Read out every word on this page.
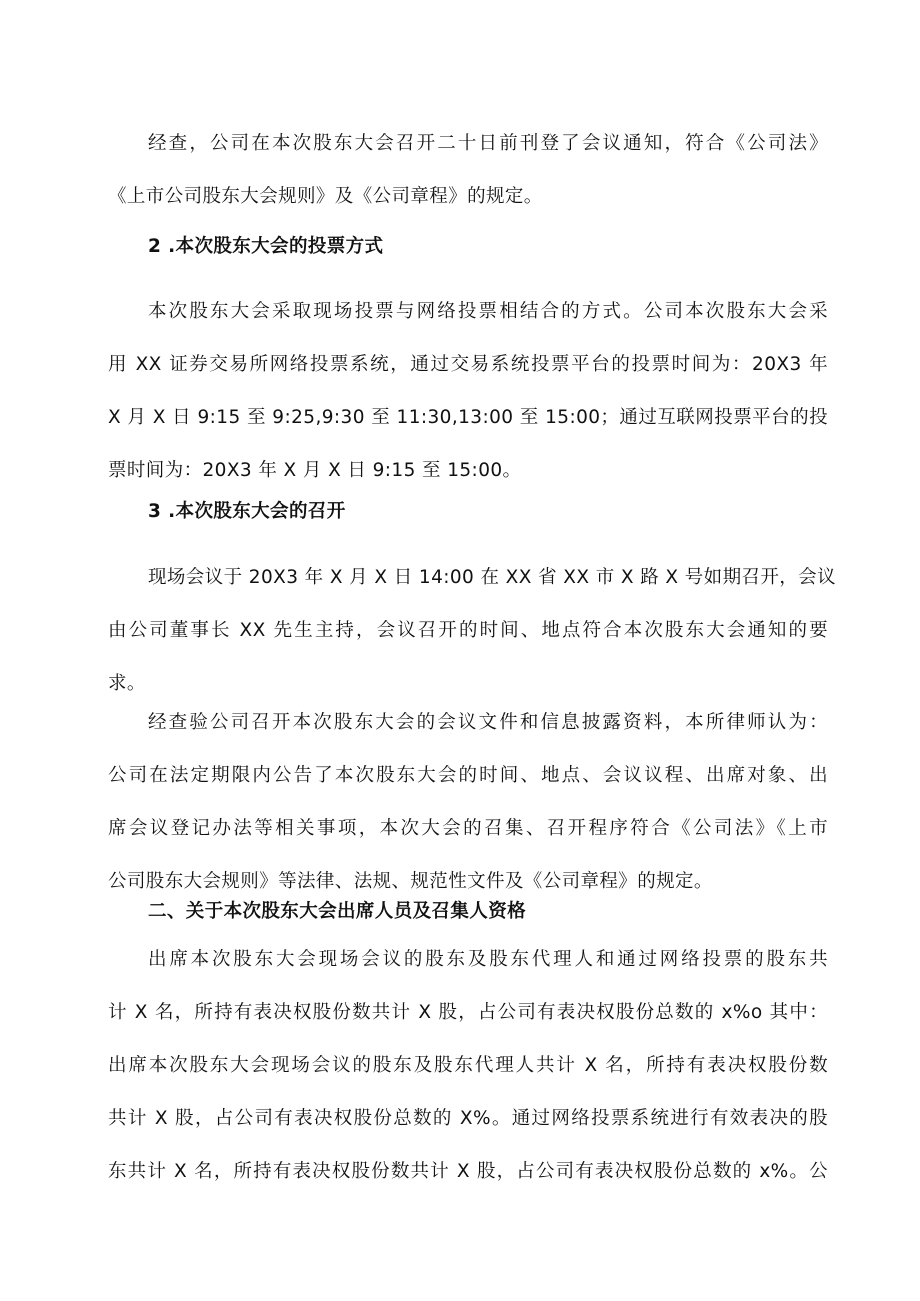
经查，公司在本次股东大会召开二十日前刊登了会议通知，符合《公司法》
《上市公司股东大会规则》及《公司章程》的规定。
2 .本次股东大会的投票方式
本次股东大会采取现场投票与网络投票相结合的方式。公司本次股东大会采
用 XX 证券交易所网络投票系统，通过交易系统投票平台的投票时间为：20X3 年
X 月 X 日 9:15 至 9:25,9:30 至 11:30,13:00 至 15:00；通过互联网投票平台的投
票时间为：20X3 年 X 月 X 日 9:15 至 15:00。
3 .本次股东大会的召开
现场会议于 20X3 年 X 月 X 日 14:00 在 XX 省 XX 市 X 路 X 号如期召开，会议
由公司董事长 XX 先生主持，会议召开的时间、地点符合本次股东大会通知的要
求。
经查验公司召开本次股东大会的会议文件和信息披露资料，本所律师认为：
公司在法定期限内公告了本次股东大会的时间、地点、会议议程、出席对象、出
席会议登记办法等相关事项，本次大会的召集、召开程序符合《公司法》《上市
公司股东大会规则》等法律、法规、规范性文件及《公司章程》的规定。
二、关于本次股东大会出席人员及召集人资格
出席本次股东大会现场会议的股东及股东代理人和通过网络投票的股东共
计 X 名，所持有表决权股份数共计 X 股，占公司有表决权股份总数的 x%o 其中：
出席本次股东大会现场会议的股东及股东代理人共计 X 名，所持有表决权股份数
共计 X 股，占公司有表决权股份总数的 X%。通过网络投票系统进行有效表决的股
东共计 X 名，所持有表决权股份数共计 X 股，占公司有表决权股份总数的 x%。公
